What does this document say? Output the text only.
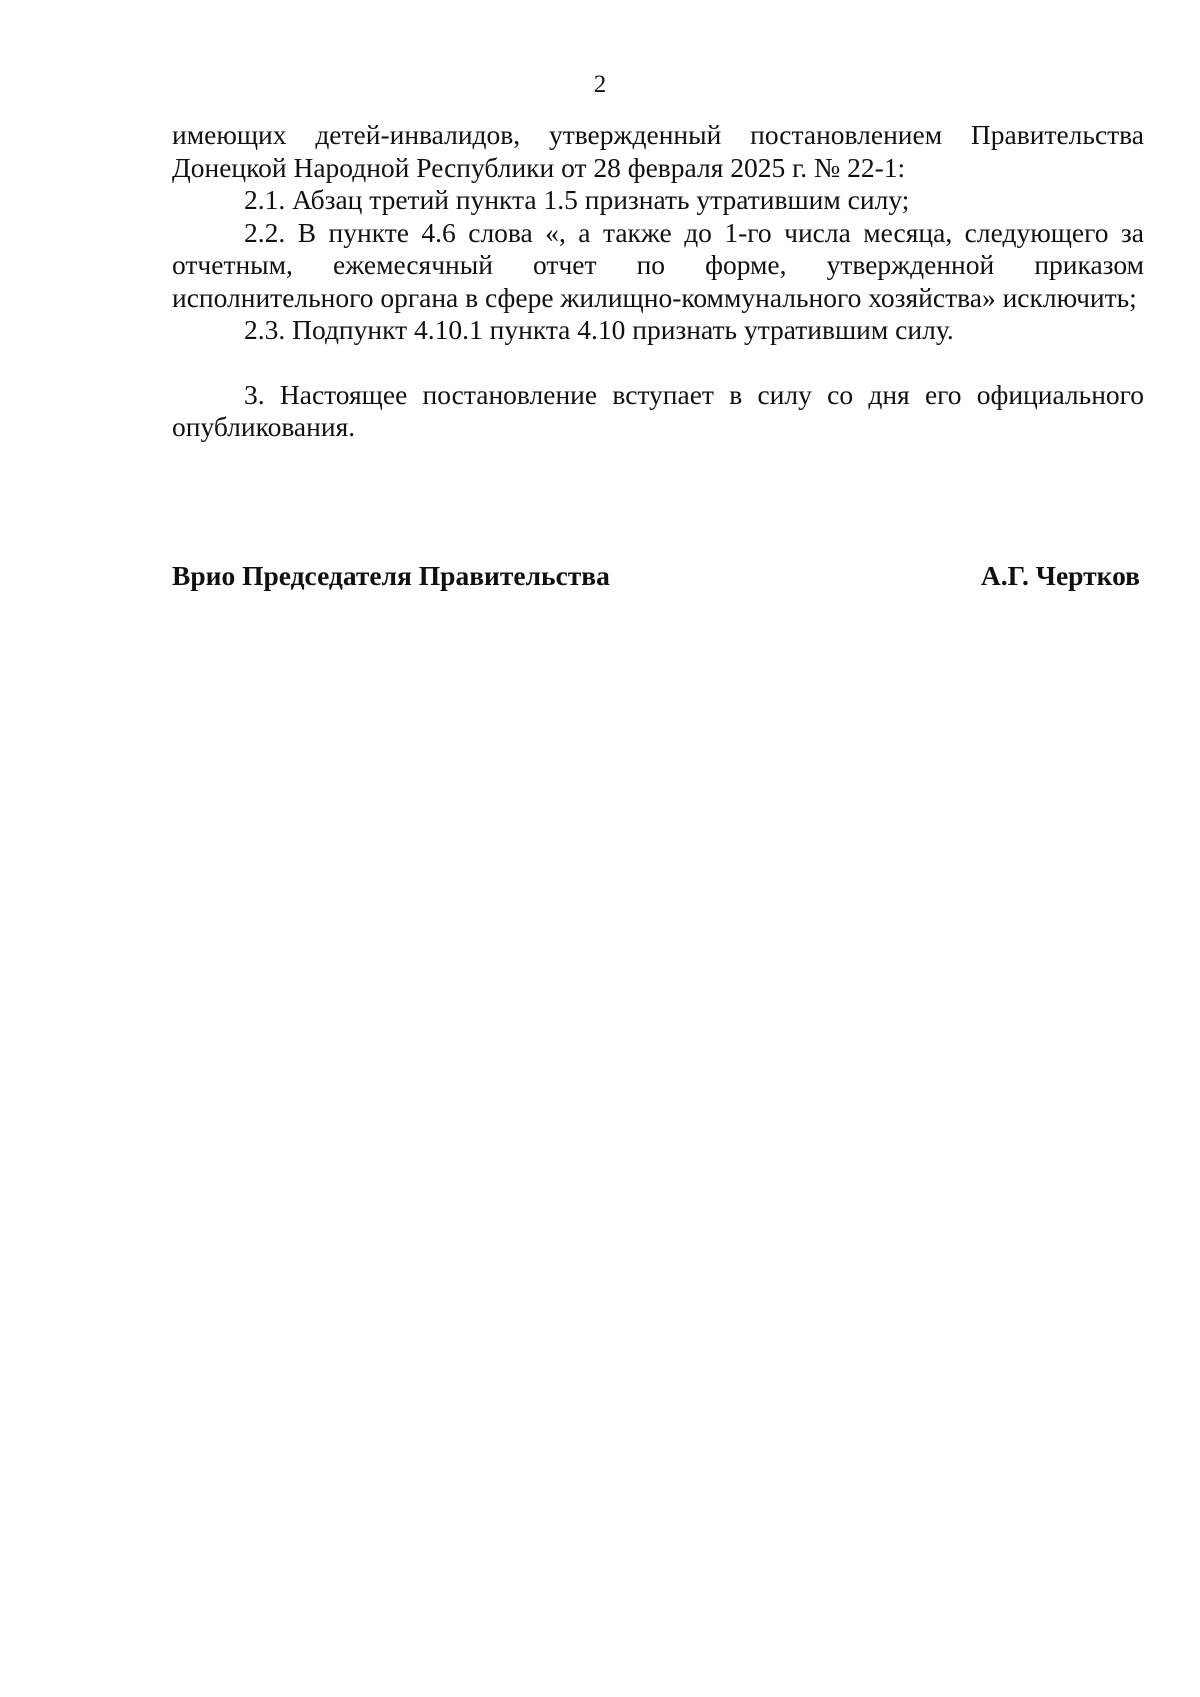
2

имеющих детей-инвалидов, утвержденный постановлением Правительства Донецкой Народной Республики от 28 февраля 2025 г. № 22-1:

2.1. Абзац третий пункта 1.5 признать утратившим силу;

2.2. В пункте 4.6 слова «, а также до 1-го числа месяца, следующего за отчетным, ежемесячный отчет по форме, утвержденной приказом исполнительного органа в сфере жилищно-коммунального хозяйства» исключить;

2.3. Подпункт 4.10.1 пункта 4.10 признать утратившим силу.

3. Настоящее постановление вступает в силу со дня его официального опубликования.

Врио Председателя Правительства	А.Г. Чертков
